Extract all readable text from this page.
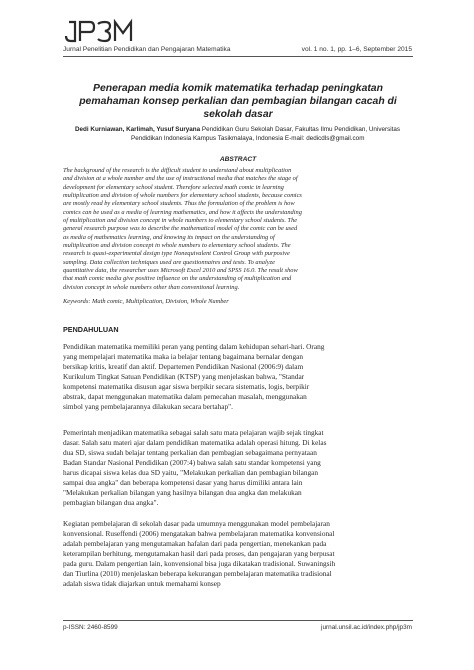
Jurnal Penelitian Pendidikan dan Pengajaran Matematika	vol. 1 no. 1, pp. 1–6, September 2015
Penerapan media komik matematika terhadap peningkatan
pemahaman konsep perkalian dan pembagian bilangan cacah di
sekolah dasar
Dedi Kurniawan, Karlimah, Yusuf Suryana Pendidikan Guru Sekolah Dasar, Fakultas Ilmu Pendidikan, Universitas
Pendidikan Indonesia Kampus Tasikmalaya, Indonesia E-mail: dedicdls@gmail.com
ABSTRACT
The background of the research is the difficult student to understand about multiplication
and division at a whole number and the use of instructional media that matches the stage of
development for elementary school student. Therefore selected math comic in learning
multiplication and division of whole numbers for elementary school students, because comics
are mostly read by elementary school students. Thus the formulation of the problem is how
comics can be used as a media of learning mathematics, and how it affects the understanding
of multiplication and division concept in whole numbers to elementary school students. The
general research purpose was to describe the mathematical model of the comic can be used
as media of mathematics learning, and knowing its impact on the understanding of
multiplication and division concept in whole numbers to elementary school students. The
research is quasi-experimental design type Nonequivalent Control Group with purposive
sampling. Data collection techniques used are questionnaires and tests. To analyze
quantitative data, the researcher uses Microsoft Excel 2010 and SPSS 16.0. The result show
that math comic media give positive influence on the understanding of multiplication and
division concept in whole numbers other than conventional learning.
Keywords: Math comic, Multiplication, Division, Whole Number
PENDAHULUAN
Pendidikan matematika memiliki peran yang penting dalam kehidupan sehari-hari. Orang
yang mempelajari matematika maka ia belajar tentang bagaimana bernalar dengan
bersikap kritis, kreatif dan aktif. Departemen Pendidikan Nasional (2006:9) dalam
Kurikulum Tingkat Satuan Pendidikan (KTSP) yang menjelaskan bahwa, "Standar
kompetensi matematika disusun agar siswa berpikir secara sistematis, logis, berpikir
abstrak, dapat menggunakan matematika dalam pemecahan masalah, menggunakan
simbol yang pembelajarannya dilakukan secara bertahap".
Pemerintah menjadikan matematika sebagai salah satu mata pelajaran wajib sejak tingkat
dasar. Salah satu materi ajar dalam pendidikan matematika adalah operasi hitung. Di kelas
dua SD, siswa sudah belajar tentang perkalian dan pembagian sebagaimana pernyataan
Badan Standar Nasional Pendidikan (2007:4) bahwa salah satu standar kompetensi yang
harus dicapai siswa kelas dua SD yaitu, "Melakukan perkalian dan pembagian bilangan
sampai dua angka" dan beberapa kompetensi dasar yang harus dimiliki antara lain
"Melakukan perkalian bilangan yang hasilnya bilangan dua angka dan melakukan
pembagian bilangan dua angka".
Kegiatan pembelajaran di sekolah dasar pada umumnya menggunakan model pembelajaran
konvensional. Ruseffendi (2006) mengatakan bahwa pembelajaran matematika konvensional
adalah pembelajaran yang mengutamakan hafalan dari pada pengertian, menekankan pada
keterampilan berhitung, mengutamakan hasil dari pada proses, dan pengajaran yang berpusat
pada guru. Dalam pengertian lain, konvensional bisa juga dikatakan tradisional. Suwaningsih
dan Tiurlina (2010) menjelaskan beberapa kekurangan pembelajaran matematika tradisional
adalah siswa tidak diajarkan untuk memahami konsep
p-ISSN: 2460-8599	jurnal.unsil.ac.id/index.php/jp3m
